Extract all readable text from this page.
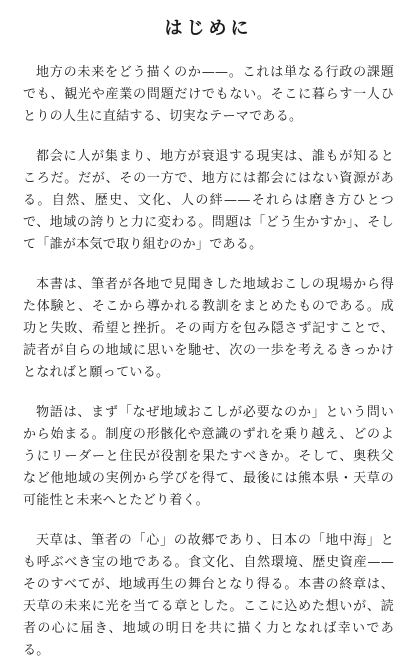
はじめに

地方の未来をどう描くのか——。これは単なる行政の課題でも、観光や産業の問題だけでもない。そこに暮らす一人ひとりの人生に直結する、切実なテーマである。

都会に人が集まり、地方が衰退する現実は、誰もが知るところだ。だが、その一方で、地方には都会にはない資源がある。自然、歴史、文化、人の絆——それらは磨き方ひとつで、地域の誇りと力に変わる。問題は「どう生かすか」、そして「誰が本気で取り組むのか」である。

本書は、筆者が各地で見聞きした地域おこしの現場から得た体験と、そこから導かれる教訓をまとめたものである。成功と失敗、希望と挫折。その両方を包み隠さず記すことで、読者が自らの地域に思いを馳せ、次の一歩を考えるきっかけとなればと願っている。

物語は、まず「なぜ地域おこしが必要なのか」という問いから始まる。制度の形骸化や意識のずれを乗り越え、どのようにリーダーと住民が役割を果たすべきか。そして、奥秩父など他地域の実例から学びを得て、最後には熊本県・天草の可能性と未来へとたどり着く。

天草は、筆者の「心」の故郷であり、日本の「地中海」とも呼ぶべき宝の地である。食文化、自然環境、歴史資産——そのすべてが、地域再生の舞台となり得る。本書の終章は、天草の未来に光を当てる章とした。ここに込めた想いが、読者の心に届き、地域の明日を共に描く力となれば幸いである。
